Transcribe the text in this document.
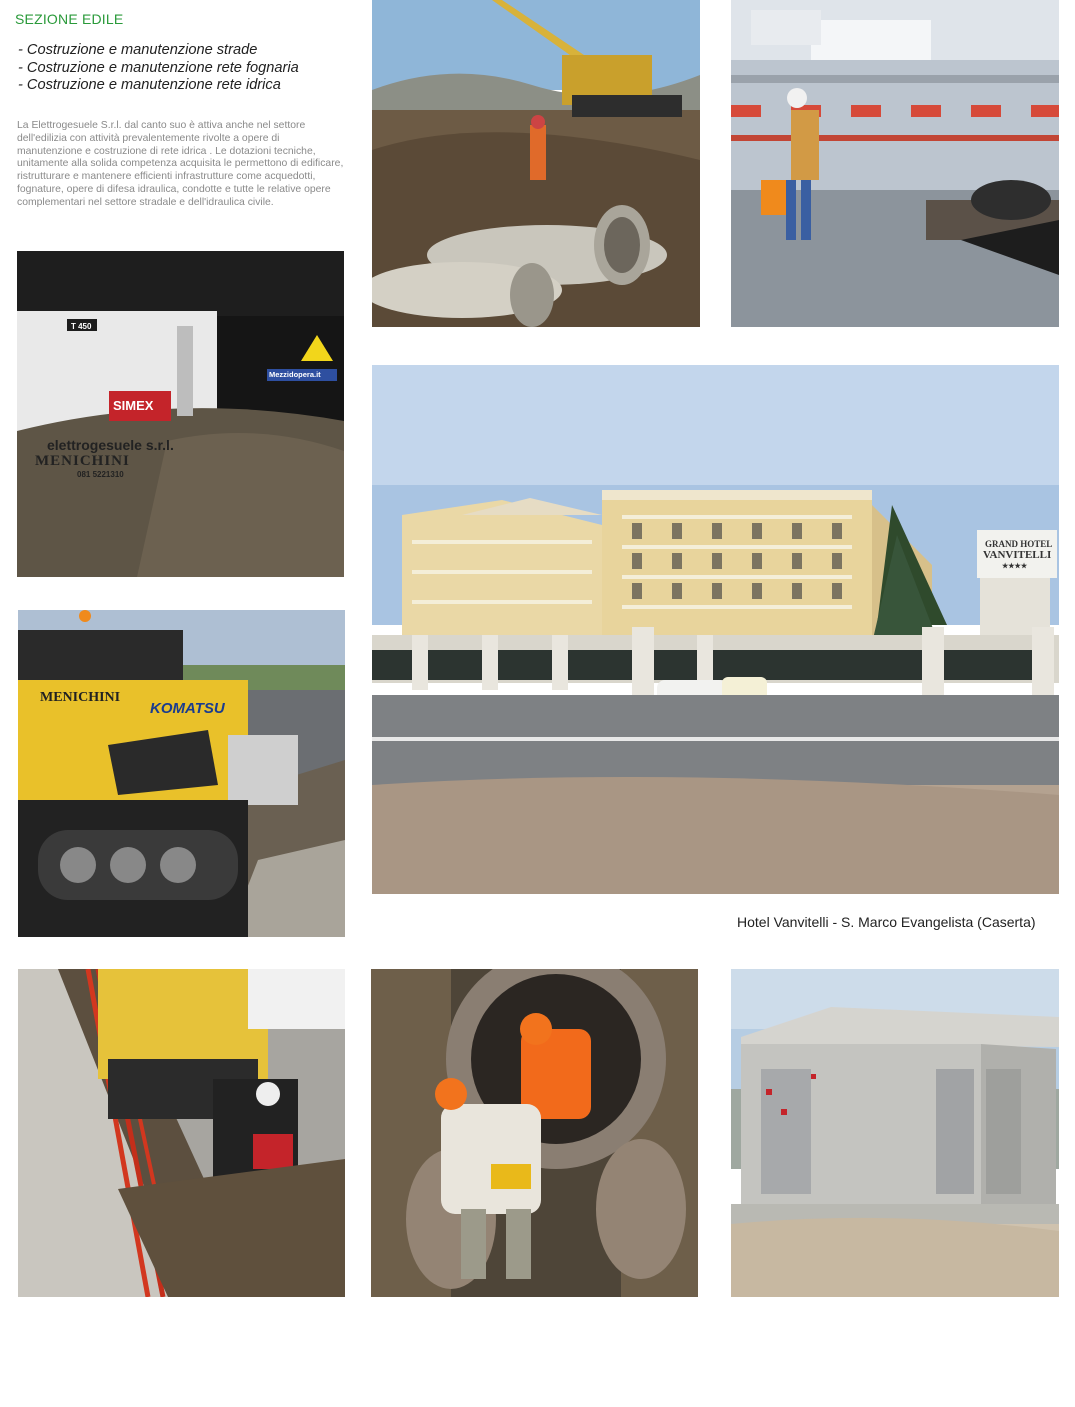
SEZIONE EDILE
- Costruzione e manutenzione strade
- Costruzione e manutenzione rete fognaria
- Costruzione e manutenzione rete idrica

La Elettrogesuele S.r.l. dal canto suo è attiva anche nel settore dell'edilizia con attività prevalentemente rivolte a opere di manutenzione e costruzione di rete idrica . Le dotazioni tecniche, unitamente alla solida competenza acquisita le permettono di edificare, ristrutturare e mantenere efficienti infrastrutture come acquedotti, fognature, opere di difesa idraulica, condotte e tutte le relative opere complementari nel settore stradale e dell'idraulica civile.

T 450
SIMEX
Mezzidopera.it
elettrogesuele s.r.l.
MENICHINI
081 5221310
MENICHINI
KOMATSU
GRAND HOTEL
VANVITELLI
★★★★
Hotel Vanvitelli - S. Marco Evangelista (Caserta)
